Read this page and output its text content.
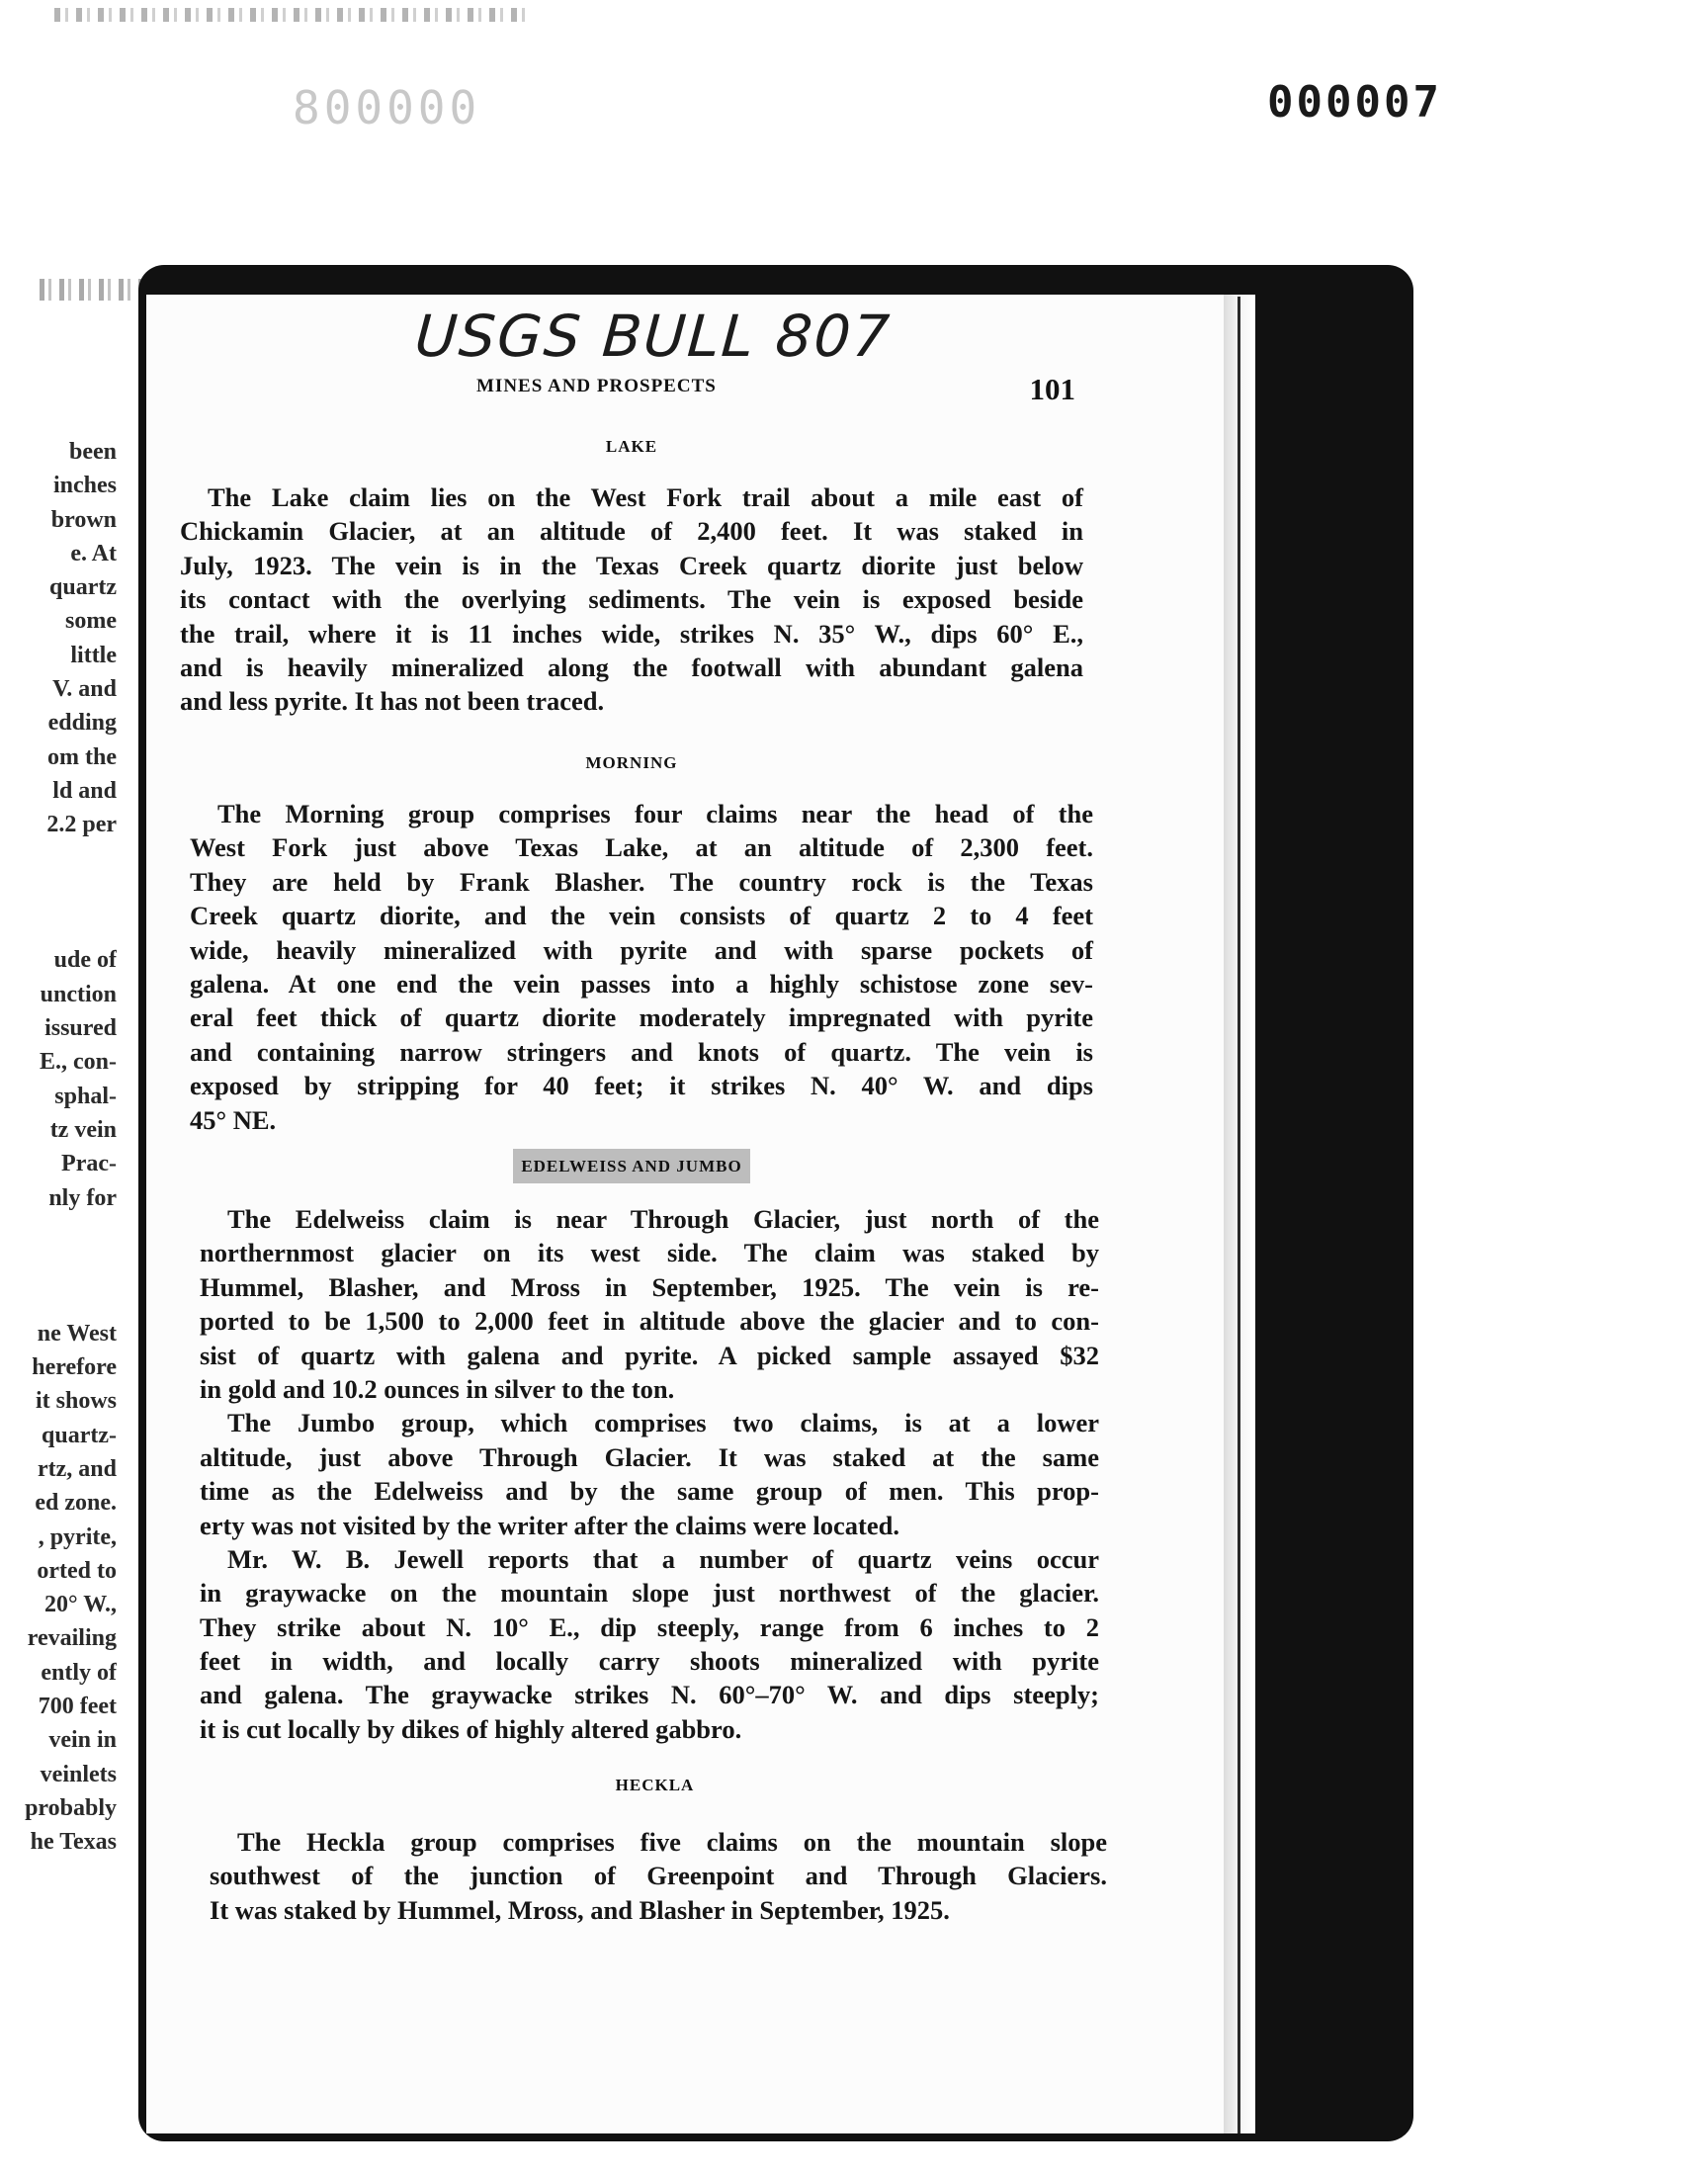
800000	000007
been
inches
brown
e. At
quartz
some
little
V. and
edding
om the
ld and
2.2 per

ude of
unction
issured
E., con-
sphal-
tz vein
Prac-
nly for

ne West
herefore
it shows
quartz-
rtz, and
ed zone.
, pyrite,
orted to
20° W.,
revailing
ently of
700 feet
vein in
veinlets
probably
he Texas
USGS BULL 807
MINES AND PROSPECTS	101
LAKE
The Lake claim lies on the West Fork trail about a mile east of
Chickamin Glacier, at an altitude of 2,400 feet. It was staked in
July, 1923. The vein is in the Texas Creek quartz diorite just below
its contact with the overlying sediments. The vein is exposed beside
the trail, where it is 11 inches wide, strikes N. 35° W., dips 60° E.,
and is heavily mineralized along the footwall with abundant galena
and less pyrite. It has not been traced.
MORNING
The Morning group comprises four claims near the head of the
West Fork just above Texas Lake, at an altitude of 2,300 feet.
They are held by Frank Blasher. The country rock is the Texas
Creek quartz diorite, and the vein consists of quartz 2 to 4 feet
wide, heavily mineralized with pyrite and with sparse pockets of
galena. At one end the vein passes into a highly schistose zone sev-
eral feet thick of quartz diorite moderately impregnated with pyrite
and containing narrow stringers and knots of quartz. The vein is
exposed by stripping for 40 feet; it strikes N. 40° W. and dips
45° NE.
EDELWEISS AND JUMBO
The Edelweiss claim is near Through Glacier, just north of the
northernmost glacier on its west side. The claim was staked by
Hummel, Blasher, and Mross in September, 1925. The vein is re-
ported to be 1,500 to 2,000 feet in altitude above the glacier and to con-
sist of quartz with galena and pyrite. A picked sample assayed $32
in gold and 10.2 ounces in silver to the ton.
The Jumbo group, which comprises two claims, is at a lower
altitude, just above Through Glacier. It was staked at the same
time as the Edelweiss and by the same group of men. This prop-
erty was not visited by the writer after the claims were located.
Mr. W. B. Jewell reports that a number of quartz veins occur
in graywacke on the mountain slope just northwest of the glacier.
They strike about N. 10° E., dip steeply, range from 6 inches to 2
feet in width, and locally carry shoots mineralized with pyrite
and galena. The graywacke strikes N. 60°–70° W. and dips steeply;
it is cut locally by dikes of highly altered gabbro.
HECKLA
The Heckla group comprises five claims on the mountain slope
southwest of the junction of Greenpoint and Through Glaciers.
It was staked by Hummel, Mross, and Blasher in September, 1925.
